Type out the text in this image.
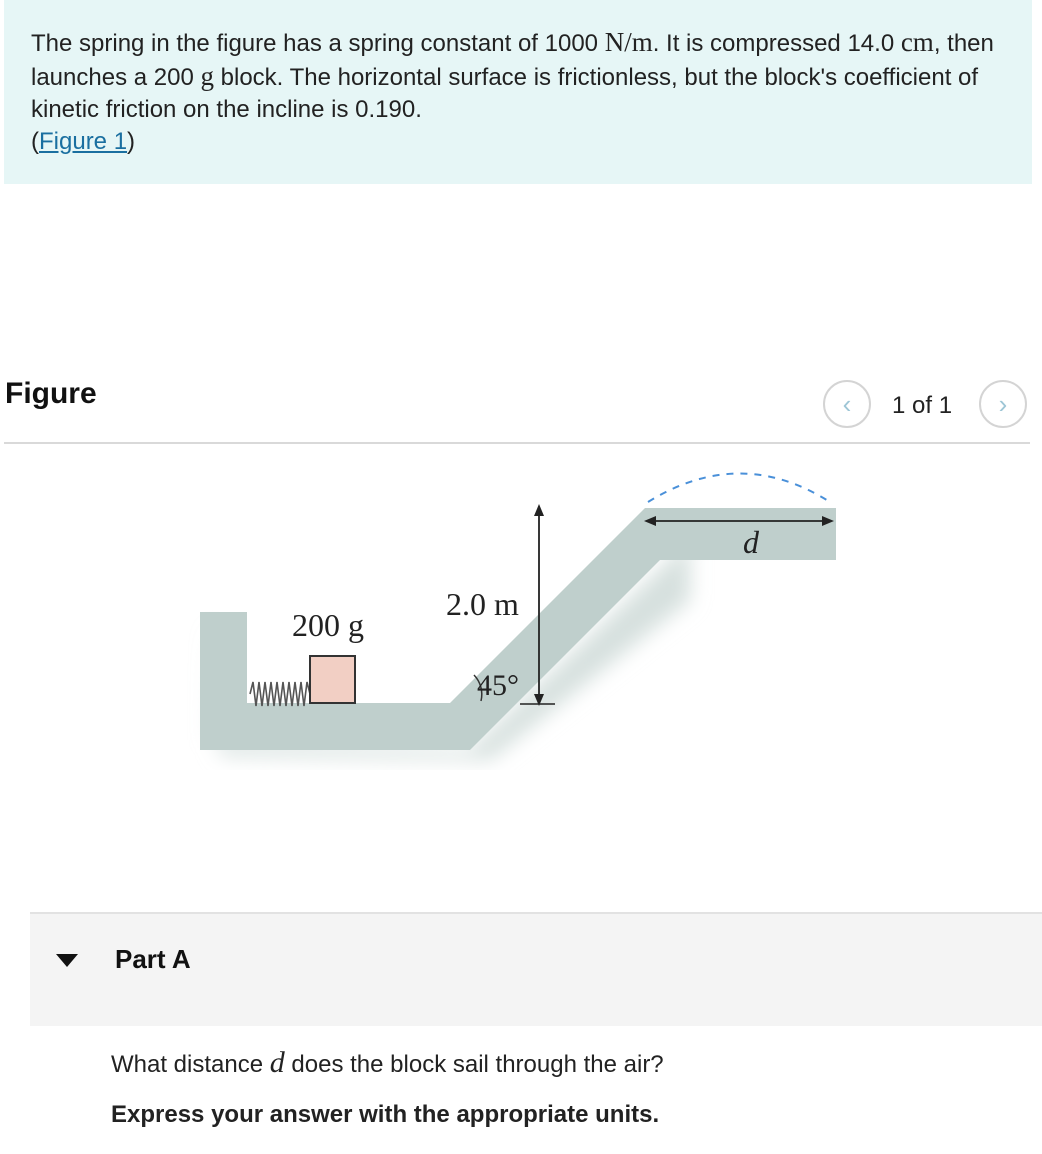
The spring in the figure has a spring constant of 1000 N/m. It is compressed 14.0 cm, then launches a 200 g block. The horizontal surface is frictionless, but the block's coefficient of kinetic friction on the incline is 0.190.
(Figure 1)
Figure	‹ 1 of 1 ›
200 g
2.0 m
45°
d
Part A
What distance d does the block sail through the air?
Express your answer with the appropriate units.
